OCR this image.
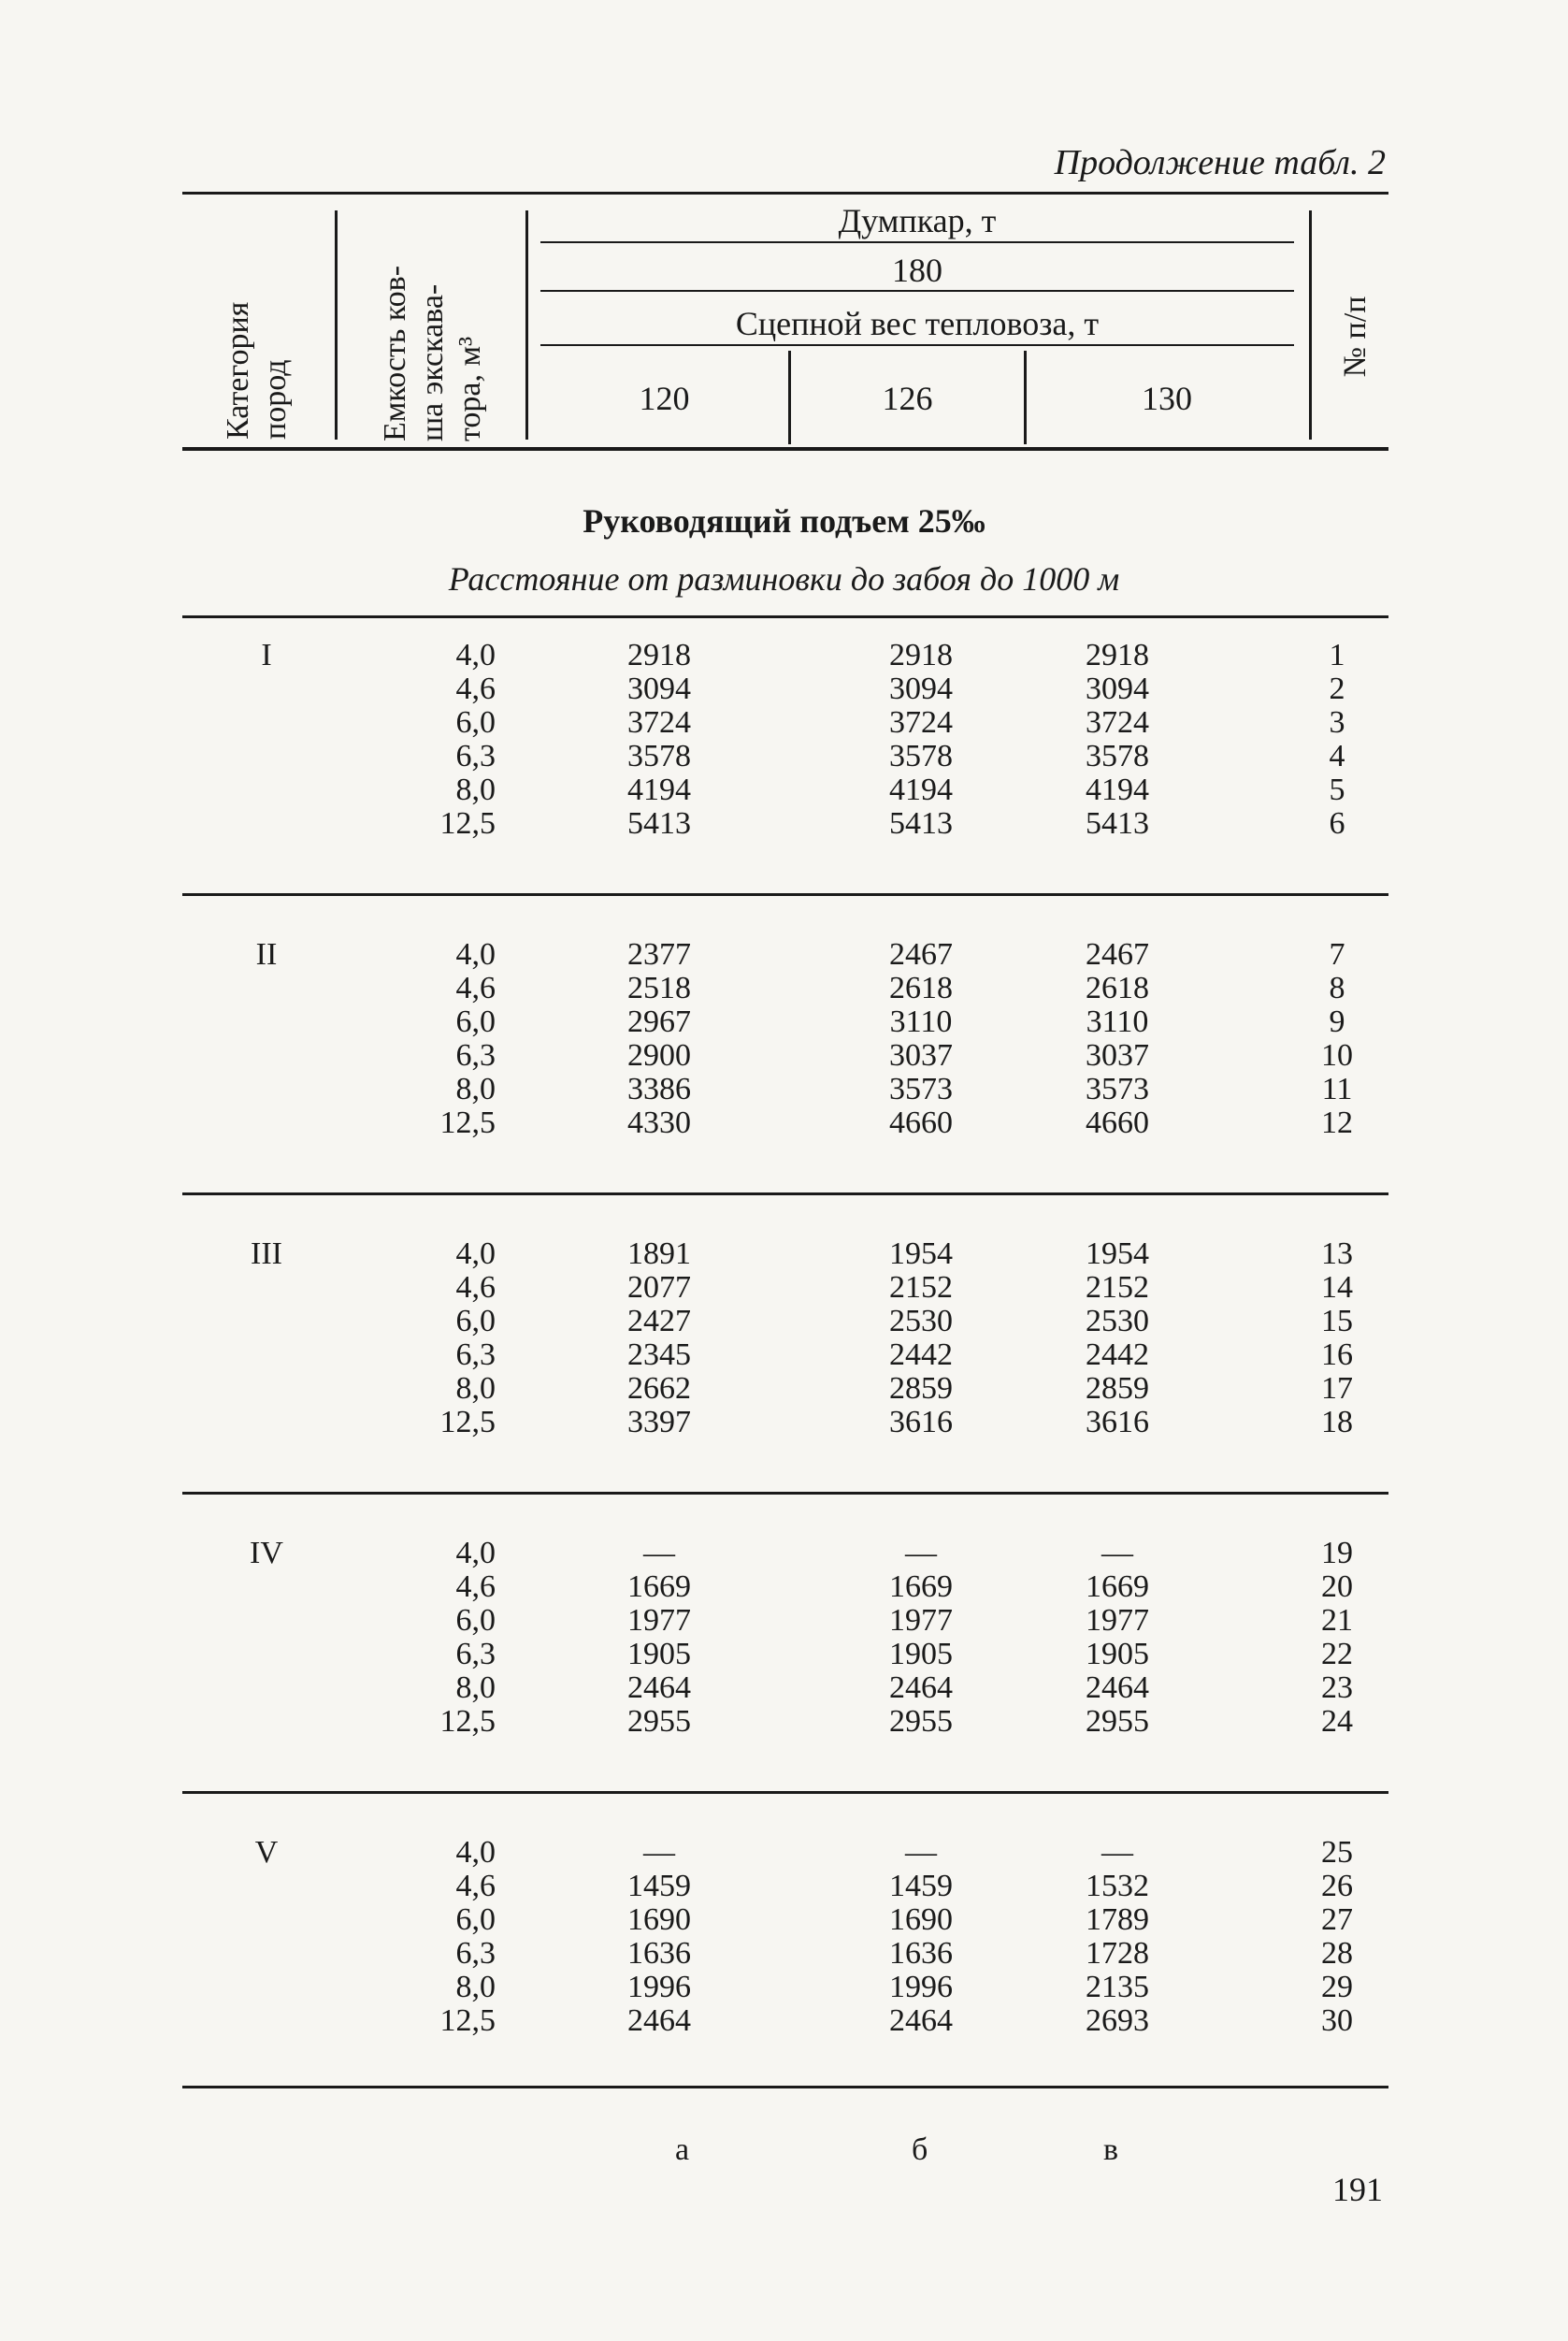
Продолжение табл. 2
Категория пород	Емкость ков- ша экскава- тора, м³	№ п/п
Думпкар, т
180
Сцепной вес тепловоза, т
120	126	130
Руководящий подъем 25‰
Расстояние от разминовки до забоя до 1000 м
I	4,0	2918	2918	2918	1
4,6	3094	3094	3094	2
6,0	3724	3724	3724	3
6,3	3578	3578	3578	4
8,0	4194	4194	4194	5
12,5	5413	5413	5413	6
II	4,0	2377	2467	2467	7
4,6	2518	2618	2618	8
6,0	2967	3110	3110	9
6,3	2900	3037	3037	10
8,0	3386	3573	3573	11
12,5	4330	4660	4660	12
III	4,0	1891	1954	1954	13
4,6	2077	2152	2152	14
6,0	2427	2530	2530	15
6,3	2345	2442	2442	16
8,0	2662	2859	2859	17
12,5	3397	3616	3616	18
IV	4,0	—	—	—	19
4,6	1669	1669	1669	20
6,0	1977	1977	1977	21
6,3	1905	1905	1905	22
8,0	2464	2464	2464	23
12,5	2955	2955	2955	24
V	4,0	—	—	—	25
4,6	1459	1459	1532	26
6,0	1690	1690	1789	27
6,3	1636	1636	1728	28
8,0	1996	1996	2135	29
12,5	2464	2464	2693	30
а	б	в
191
